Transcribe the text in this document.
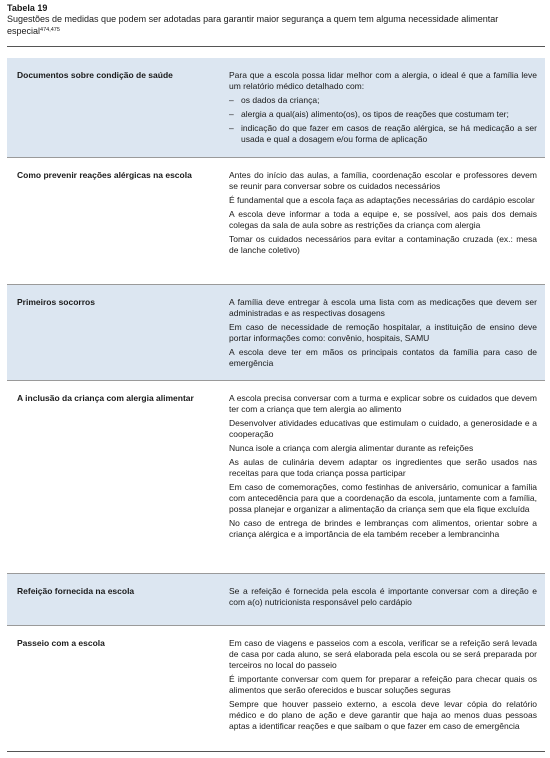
Tabela 19
Sugestões de medidas que podem ser adotadas para garantir maior segurança a quem tem alguma necessidade alimentar especial$^{474,475}$
Documentos sobre condição de saúde	Para que a escola possa lidar melhor com a alergia, o ideal é que a família leve um relatório médico detalhado com:

– os dados da criança;
– alergia a qual(ais) alimento(os), os tipos de reações que costumam ter;
– indicação do que fazer em casos de reação alérgica, se há medicação a ser usada e qual a dosagem e/ou forma de aplicação
Como prevenir reações alérgicas na escola	Antes do início das aulas, a família, coordenação escolar e professores devem se reunir para conversar sobre os cuidados necessários

É fundamental que a escola faça as adaptações necessárias do cardápio escolar

A escola deve informar a toda a equipe e, se possível, aos pais dos demais colegas da sala de aula sobre as restrições da criança com alergia

Tomar os cuidados necessários para evitar a contaminação cruzada (ex.: mesa de lanche coletivo)

Primeiros socorros	A família deve entregar à escola uma lista com as medicações que devem ser administradas e as respectivas dosagens

Em caso de necessidade de remoção hospitalar, a instituição de ensino deve portar informações como: convênio, hospitais, SAMU

A escola deve ter em mãos os principais contatos da família para caso de emergência

A inclusão da criança com alergia alimentar	A escola precisa conversar com a turma e explicar sobre os cuidados que devem ter com a criança que tem alergia ao alimento

Desenvolver atividades educativas que estimulam o cuidado, a generosidade e a cooperação

Nunca isole a criança com alergia alimentar durante as refeições

As aulas de culinária devem adaptar os ingredientes que serão usados nas receitas para que toda criança possa participar

Em caso de comemorações, como festinhas de aniversário, comunicar a família com antecedência para que a coordenação da escola, juntamente com a família, possa planejar e organizar a alimentação da criança sem que ela fique excluída

No caso de entrega de brindes e lembranças com alimentos, orientar sobre a criança alérgica e a importância de ela também receber a lembrancinha

Refeição fornecida na escola	Se a refeição é fornecida pela escola é importante conversar com a direção e com a(o) nutricionista responsável pelo cardápio

Passeio com a escola	Em caso de viagens e passeios com a escola, verificar se a refeição será levada de casa por cada aluno, se será elaborada pela escola ou se será preparada por terceiros no local do passeio

É importante conversar com quem for preparar a refeição para checar quais os alimentos que serão oferecidos e buscar soluções seguras

Sempre que houver passeio externo, a escola deve levar cópia do relatório médico e do plano de ação e deve garantir que haja ao menos duas pessoas aptas a identificar reações e que saibam o que fazer em caso de emergência
